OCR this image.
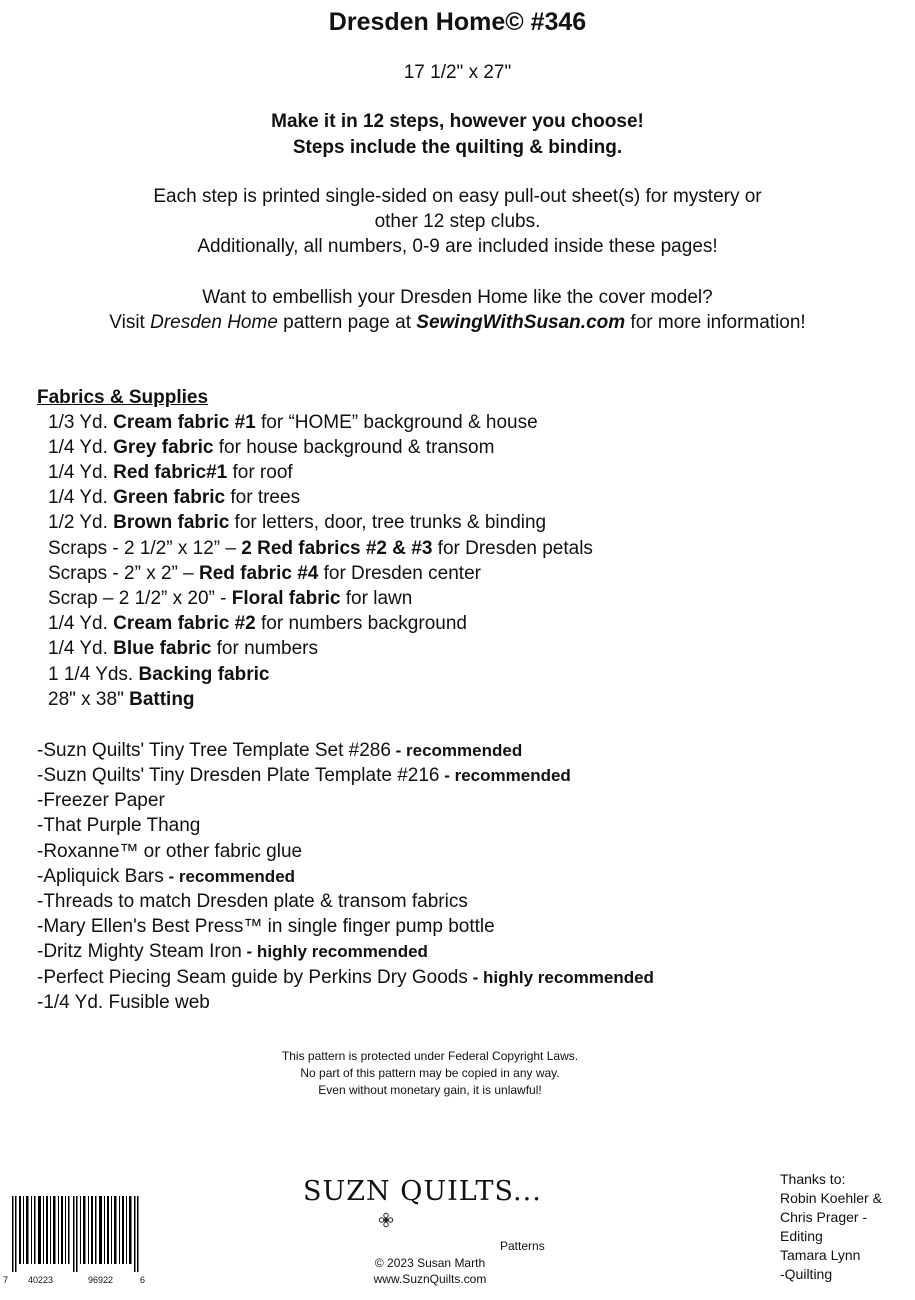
Dresden Home© #346
17 1/2" x 27"
Make it in 12 steps, however you choose!
Steps include the quilting & binding.
Each step is printed single-sided on easy pull-out sheet(s) for mystery or
other 12 step clubs.
Additionally, all numbers, 0-9 are included inside these pages!
Want to embellish your Dresden Home like the cover model?
Visit Dresden Home pattern page at SewingWithSusan.com for more information!
Fabrics & Supplies
1/3 Yd. Cream fabric #1 for “HOME” background & house
1/4 Yd. Grey fabric for house background & transom
1/4 Yd. Red fabric#1 for roof
1/4 Yd. Green fabric for trees
1/2 Yd. Brown fabric for letters, door, tree trunks & binding
Scraps - 2 1/2” x 12” – 2 Red fabrics #2 & #3 for Dresden petals
Scraps - 2” x 2” – Red fabric #4 for Dresden center
Scrap – 2 1/2” x 20” - Floral fabric for lawn
1/4 Yd. Cream fabric #2 for numbers background
1/4 Yd. Blue fabric for numbers
1 1/4 Yds. Backing fabric
28" x 38" Batting
-Suzn Quilts' Tiny Tree Template Set #286 - recommended
-Suzn Quilts' Tiny Dresden Plate Template #216 - recommended
-Freezer Paper
-That Purple Thang
-Roxanne™ or other fabric glue
-Apliquick Bars - recommended
-Threads to match Dresden plate & transom fabrics
-Mary Ellen's Best Press™ in single finger pump bottle
-Dritz Mighty Steam Iron - highly recommended
-Perfect Piecing Seam guide by Perkins Dry Goods - highly recommended
-1/4 Yd. Fusible web
This pattern is protected under Federal Copyright Laws.
No part of this pattern may be copied in any way.
Even without monetary gain, it is unlawful!
7 40223	96922	6
SUZN QUILTS...
Patterns
© 2023 Susan Marth
www.SuznQuilts.com
Thanks to:
Robin Koehler &
Chris Prager -
Editing
Tamara Lynn
-Quilting
